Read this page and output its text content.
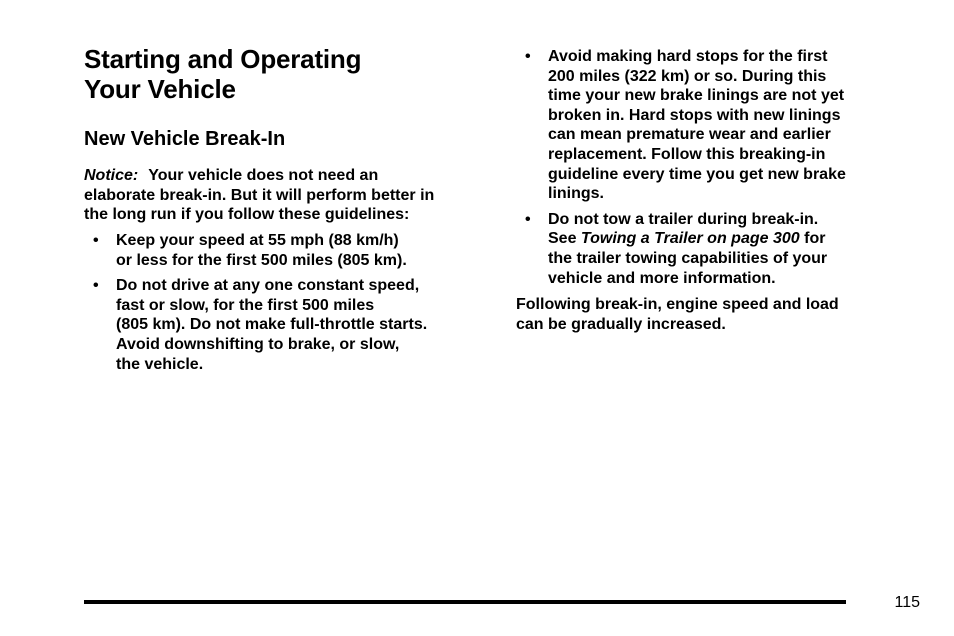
Starting and Operating
Your Vehicle
New Vehicle Break-In

Notice: Your vehicle does not need an
elaborate break-in. But it will perform better in
the long run if you follow these guidelines:

• Keep your speed at 55 mph (88 km/h)
or less for the first 500 miles (805 km).
• Do not drive at any one constant speed,
fast or slow, for the first 500 miles
(805 km). Do not make full-throttle starts.
Avoid downshifting to brake, or slow,
the vehicle.
• Avoid making hard stops for the first
200 miles (322 km) or so. During this
time your new brake linings are not yet
broken in. Hard stops with new linings
can mean premature wear and earlier
replacement. Follow this breaking-in
guideline every time you get new brake
linings.
• Do not tow a trailer during break-in.
See Towing a Trailer on page 300 for
the trailer towing capabilities of your
vehicle and more information.

Following break-in, engine speed and load
can be gradually increased.

115
